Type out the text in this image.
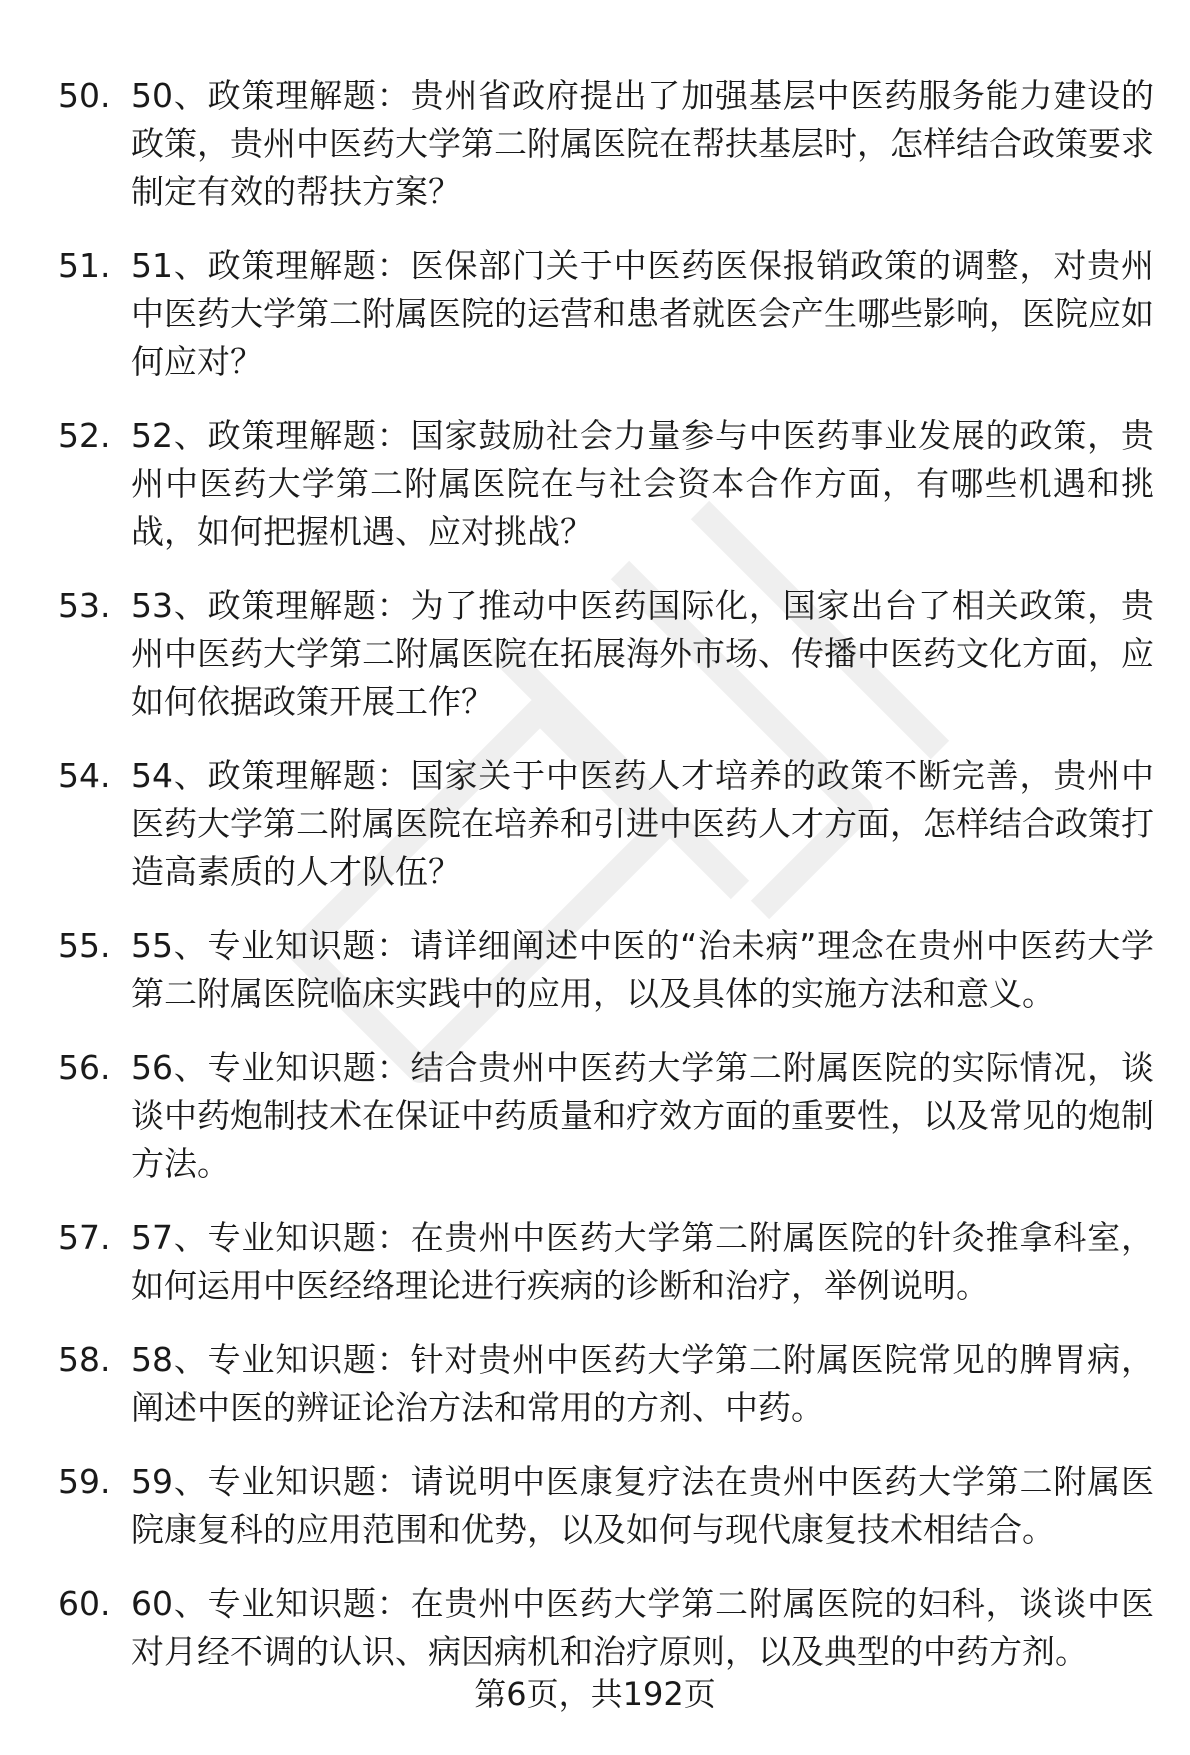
50. 50、政策理解题：贵州省政府提出了加强基层中医药服务能力建设的政策，贵州中医药大学第二附属医院在帮扶基层时，怎样结合政策要求制定有效的帮扶方案？
51. 51、政策理解题：医保部门关于中医药医保报销政策的调整，对贵州中医药大学第二附属医院的运营和患者就医会产生哪些影响，医院应如何应对？
52. 52、政策理解题：国家鼓励社会力量参与中医药事业发展的政策，贵州中医药大学第二附属医院在与社会资本合作方面，有哪些机遇和挑战，如何把握机遇、应对挑战？
53. 53、政策理解题：为了推动中医药国际化，国家出台了相关政策，贵州中医药大学第二附属医院在拓展海外市场、传播中医药文化方面，应如何依据政策开展工作？
54. 54、政策理解题：国家关于中医药人才培养的政策不断完善，贵州中医药大学第二附属医院在培养和引进中医药人才方面，怎样结合政策打造高素质的人才队伍？
55. 55、专业知识题：请详细阐述中医的“治未病”理念在贵州中医药大学第二附属医院临床实践中的应用，以及具体的实施方法和意义。
56. 56、专业知识题：结合贵州中医药大学第二附属医院的实际情况，谈谈中药炮制技术在保证中药质量和疗效方面的重要性，以及常见的炮制方法。
57. 57、专业知识题：在贵州中医药大学第二附属医院的针灸推拿科室，如何运用中医经络理论进行疾病的诊断和治疗，举例说明。
58. 58、专业知识题：针对贵州中医药大学第二附属医院常见的脾胃病，阐述中医的辨证论治方法和常用的方剂、中药。
59. 59、专业知识题：请说明中医康复疗法在贵州中医药大学第二附属医院康复科的应用范围和优势，以及如何与现代康复技术相结合。
60. 60、专业知识题：在贵州中医药大学第二附属医院的妇科，谈谈中医对月经不调的认识、病因病机和治疗原则，以及典型的中药方剂。
第6页，共192页
